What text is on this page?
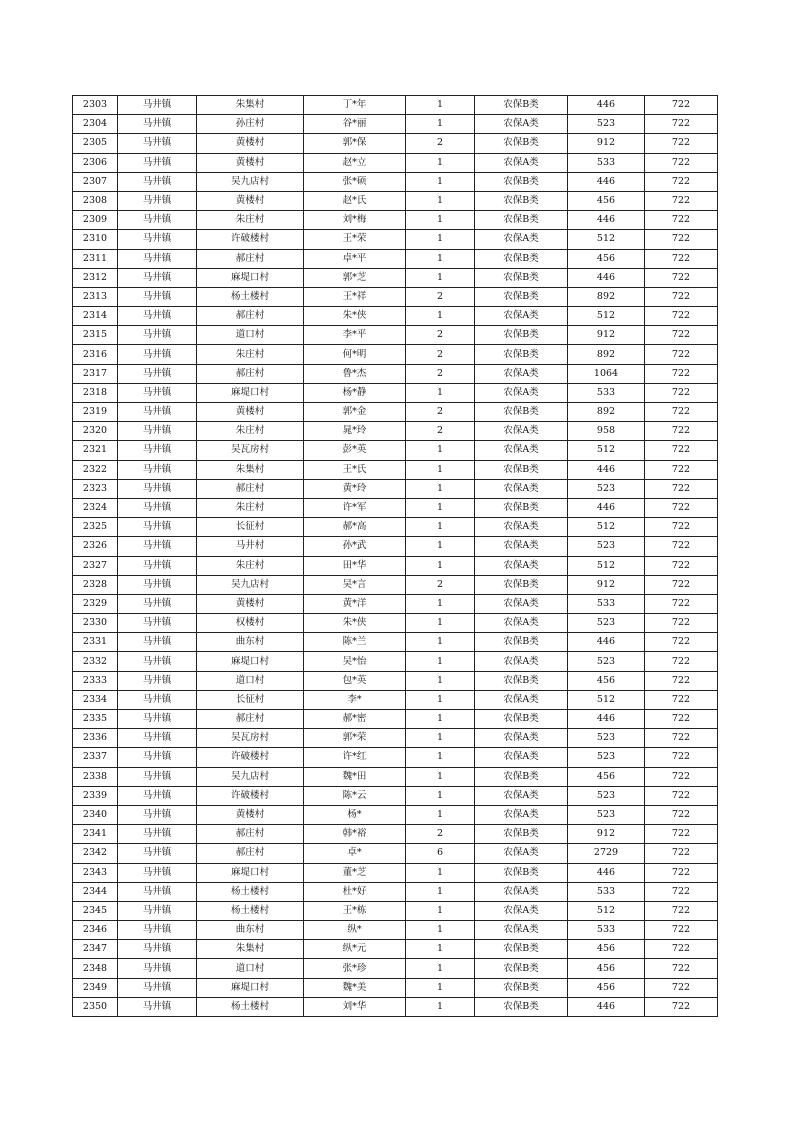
2303	马井镇	朱集村	丁*年	1	农保B类	446	722
2304	马井镇	孙庄村	谷*丽	1	农保A类	523	722
2305	马井镇	黄楼村	郭*保	2	农保B类	912	722
2306	马井镇	黄楼村	赵*立	1	农保A类	533	722
2307	马井镇	吴九店村	张*硕	1	农保B类	446	722
2308	马井镇	黄楼村	赵*氏	1	农保B类	456	722
2309	马井镇	朱庄村	刘*梅	1	农保B类	446	722
2310	马井镇	许破楼村	王*荣	1	农保A类	512	722
2311	马井镇	郝庄村	卓*平	1	农保B类	456	722
2312	马井镇	麻堤口村	郭*芝	1	农保B类	446	722
2313	马井镇	杨土楼村	王*祥	2	农保B类	892	722
2314	马井镇	郝庄村	朱*侠	1	农保A类	512	722
2315	马井镇	道口村	李*平	2	农保B类	912	722
2316	马井镇	朱庄村	何*明	2	农保B类	892	722
2317	马井镇	郝庄村	鲁*杰	2	农保A类	1064	722
2318	马井镇	麻堤口村	杨*静	1	农保A类	533	722
2319	马井镇	黄楼村	郭*金	2	农保B类	892	722
2320	马井镇	朱庄村	晁*玲	2	农保A类	958	722
2321	马井镇	吴瓦房村	彭*英	1	农保A类	512	722
2322	马井镇	朱集村	王*氏	1	农保B类	446	722
2323	马井镇	郝庄村	黄*玲	1	农保A类	523	722
2324	马井镇	朱庄村	许*军	1	农保B类	446	722
2325	马井镇	长征村	郝*高	1	农保A类	512	722
2326	马井镇	马井村	孙*武	1	农保A类	523	722
2327	马井镇	朱庄村	田*华	1	农保A类	512	722
2328	马井镇	吴九店村	吴*言	2	农保B类	912	722
2329	马井镇	黄楼村	黄*洋	1	农保A类	533	722
2330	马井镇	权楼村	朱*侠	1	农保A类	523	722
2331	马井镇	曲东村	陈*兰	1	农保B类	446	722
2332	马井镇	麻堤口村	吴*怡	1	农保A类	523	722
2333	马井镇	道口村	包*英	1	农保B类	456	722
2334	马井镇	长征村	李*	1	农保A类	512	722
2335	马井镇	郝庄村	郝*密	1	农保B类	446	722
2336	马井镇	吴瓦房村	郭*荣	1	农保A类	523	722
2337	马井镇	许破楼村	许*红	1	农保A类	523	722
2338	马井镇	吴九店村	魏*田	1	农保B类	456	722
2339	马井镇	许破楼村	陈*云	1	农保A类	523	722
2340	马井镇	黄楼村	杨*	1	农保A类	523	722
2341	马井镇	郝庄村	韩*裕	2	农保B类	912	722
2342	马井镇	郝庄村	卓*	6	农保A类	2729	722
2343	马井镇	麻堤口村	董*芝	1	农保B类	446	722
2344	马井镇	杨土楼村	杜*好	1	农保A类	533	722
2345	马井镇	杨土楼村	王*栋	1	农保A类	512	722
2346	马井镇	曲东村	纵*	1	农保A类	533	722
2347	马井镇	朱集村	纵*元	1	农保B类	456	722
2348	马井镇	道口村	张*珍	1	农保B类	456	722
2349	马井镇	麻堤口村	魏*美	1	农保B类	456	722
2350	马井镇	杨土楼村	刘*华	1	农保B类	446	722
